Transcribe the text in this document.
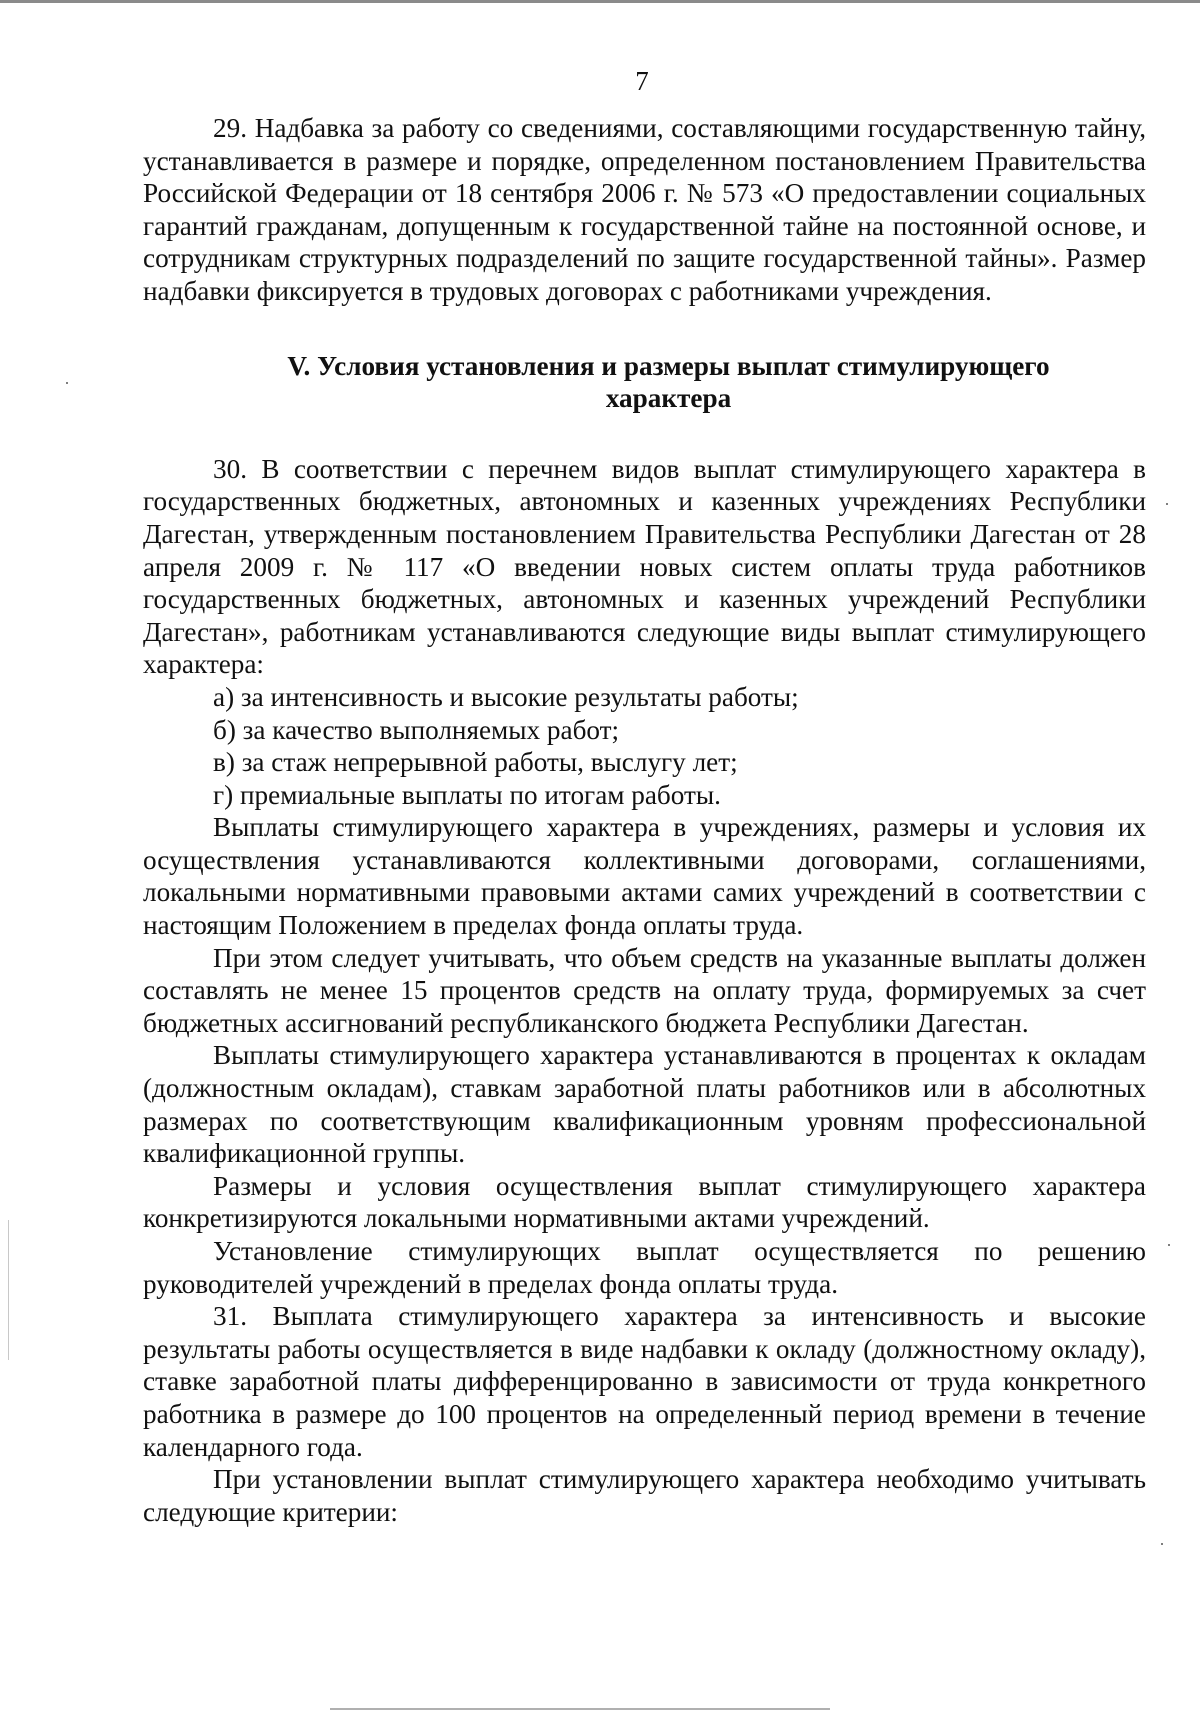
7

29. Надбавка за работу со сведениями, составляющими государственную тайну, устанавливается в размере и порядке, определенном постановлением Правительства Российской Федерации от 18 сентября 2006 г. № 573 «О предоставлении социальных гарантий гражданам, допущенным к государственной тайне на постоянной основе, и сотрудникам структурных подразделений по защите государственной тайны». Размер надбавки фиксируется в трудовых договорах с работниками учреждения.

V. Условия установления и размеры выплат стимулирующего

характера

30. В соответствии с перечнем видов выплат стимулирующего характера в государственных бюджетных, автономных и казенных учреждениях Республики Дагестан, утвержденным постановлением Правительства Республики Дагестан от 28 апреля 2009 г. № 117 «О введении новых систем оплаты труда работников государственных бюджетных, автономных и казенных учреждений Республики Дагестан», работникам устанавливаются следующие виды выплат стимулирующего характера:

а) за интенсивность и высокие результаты работы;

б) за качество выполняемых работ;

в) за стаж непрерывной работы, выслугу лет;

г) премиальные выплаты по итогам работы.

Выплаты стимулирующего характера в учреждениях, размеры и условия их осуществления устанавливаются коллективными договорами, соглашениями, локальными нормативными правовыми актами самих учреждений в соответствии с настоящим Положением в пределах фонда оплаты труда.

При этом следует учитывать, что объем средств на указанные выплаты должен составлять не менее 15 процентов средств на оплату труда, формируемых за счет бюджетных ассигнований республиканского бюджета Республики Дагестан.

Выплаты стимулирующего характера устанавливаются в процентах к окладам (должностным окладам), ставкам заработной платы работников или в абсолютных размерах по соответствующим квалификационным уровням профессиональной квалификационной группы.

Размеры и условия осуществления выплат стимулирующего характера конкретизируются локальными нормативными актами учреждений.

Установление стимулирующих выплат осуществляется по решению руководителей учреждений в пределах фонда оплаты труда.

31. Выплата стимулирующего характера за интенсивность и высокие результаты работы осуществляется в виде надбавки к окладу (должностному окладу), ставке заработной платы дифференцированно в зависимости от труда конкретного работника в размере до 100 процентов на определенный период времени в течение календарного года.

При установлении выплат стимулирующего характера необходимо учитывать следующие критерии:
